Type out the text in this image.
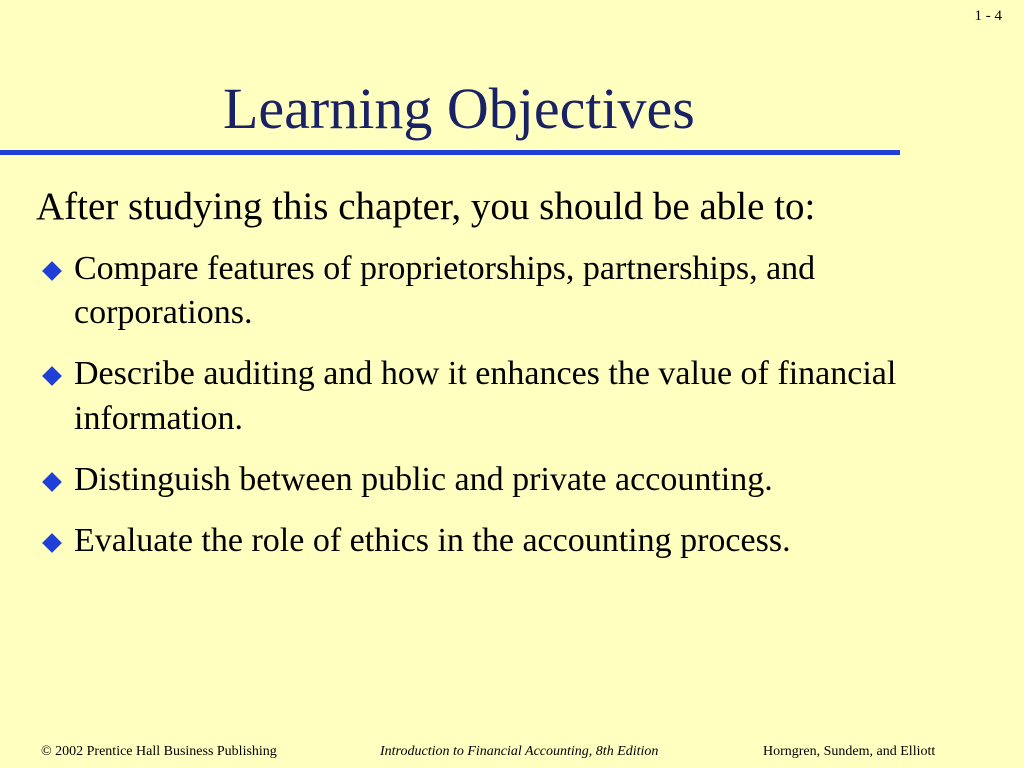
1 - 4
Learning Objectives
After studying this chapter, you should be able to:
Compare features of proprietorships, partnerships, and corporations.
Describe auditing and how it enhances the value of financial information.
Distinguish between public and private accounting.
Evaluate the role of ethics in the accounting process.
© 2002 Prentice Hall Business Publishing	Introduction to Financial Accounting, 8th Edition	Horngren, Sundem, and Elliott
